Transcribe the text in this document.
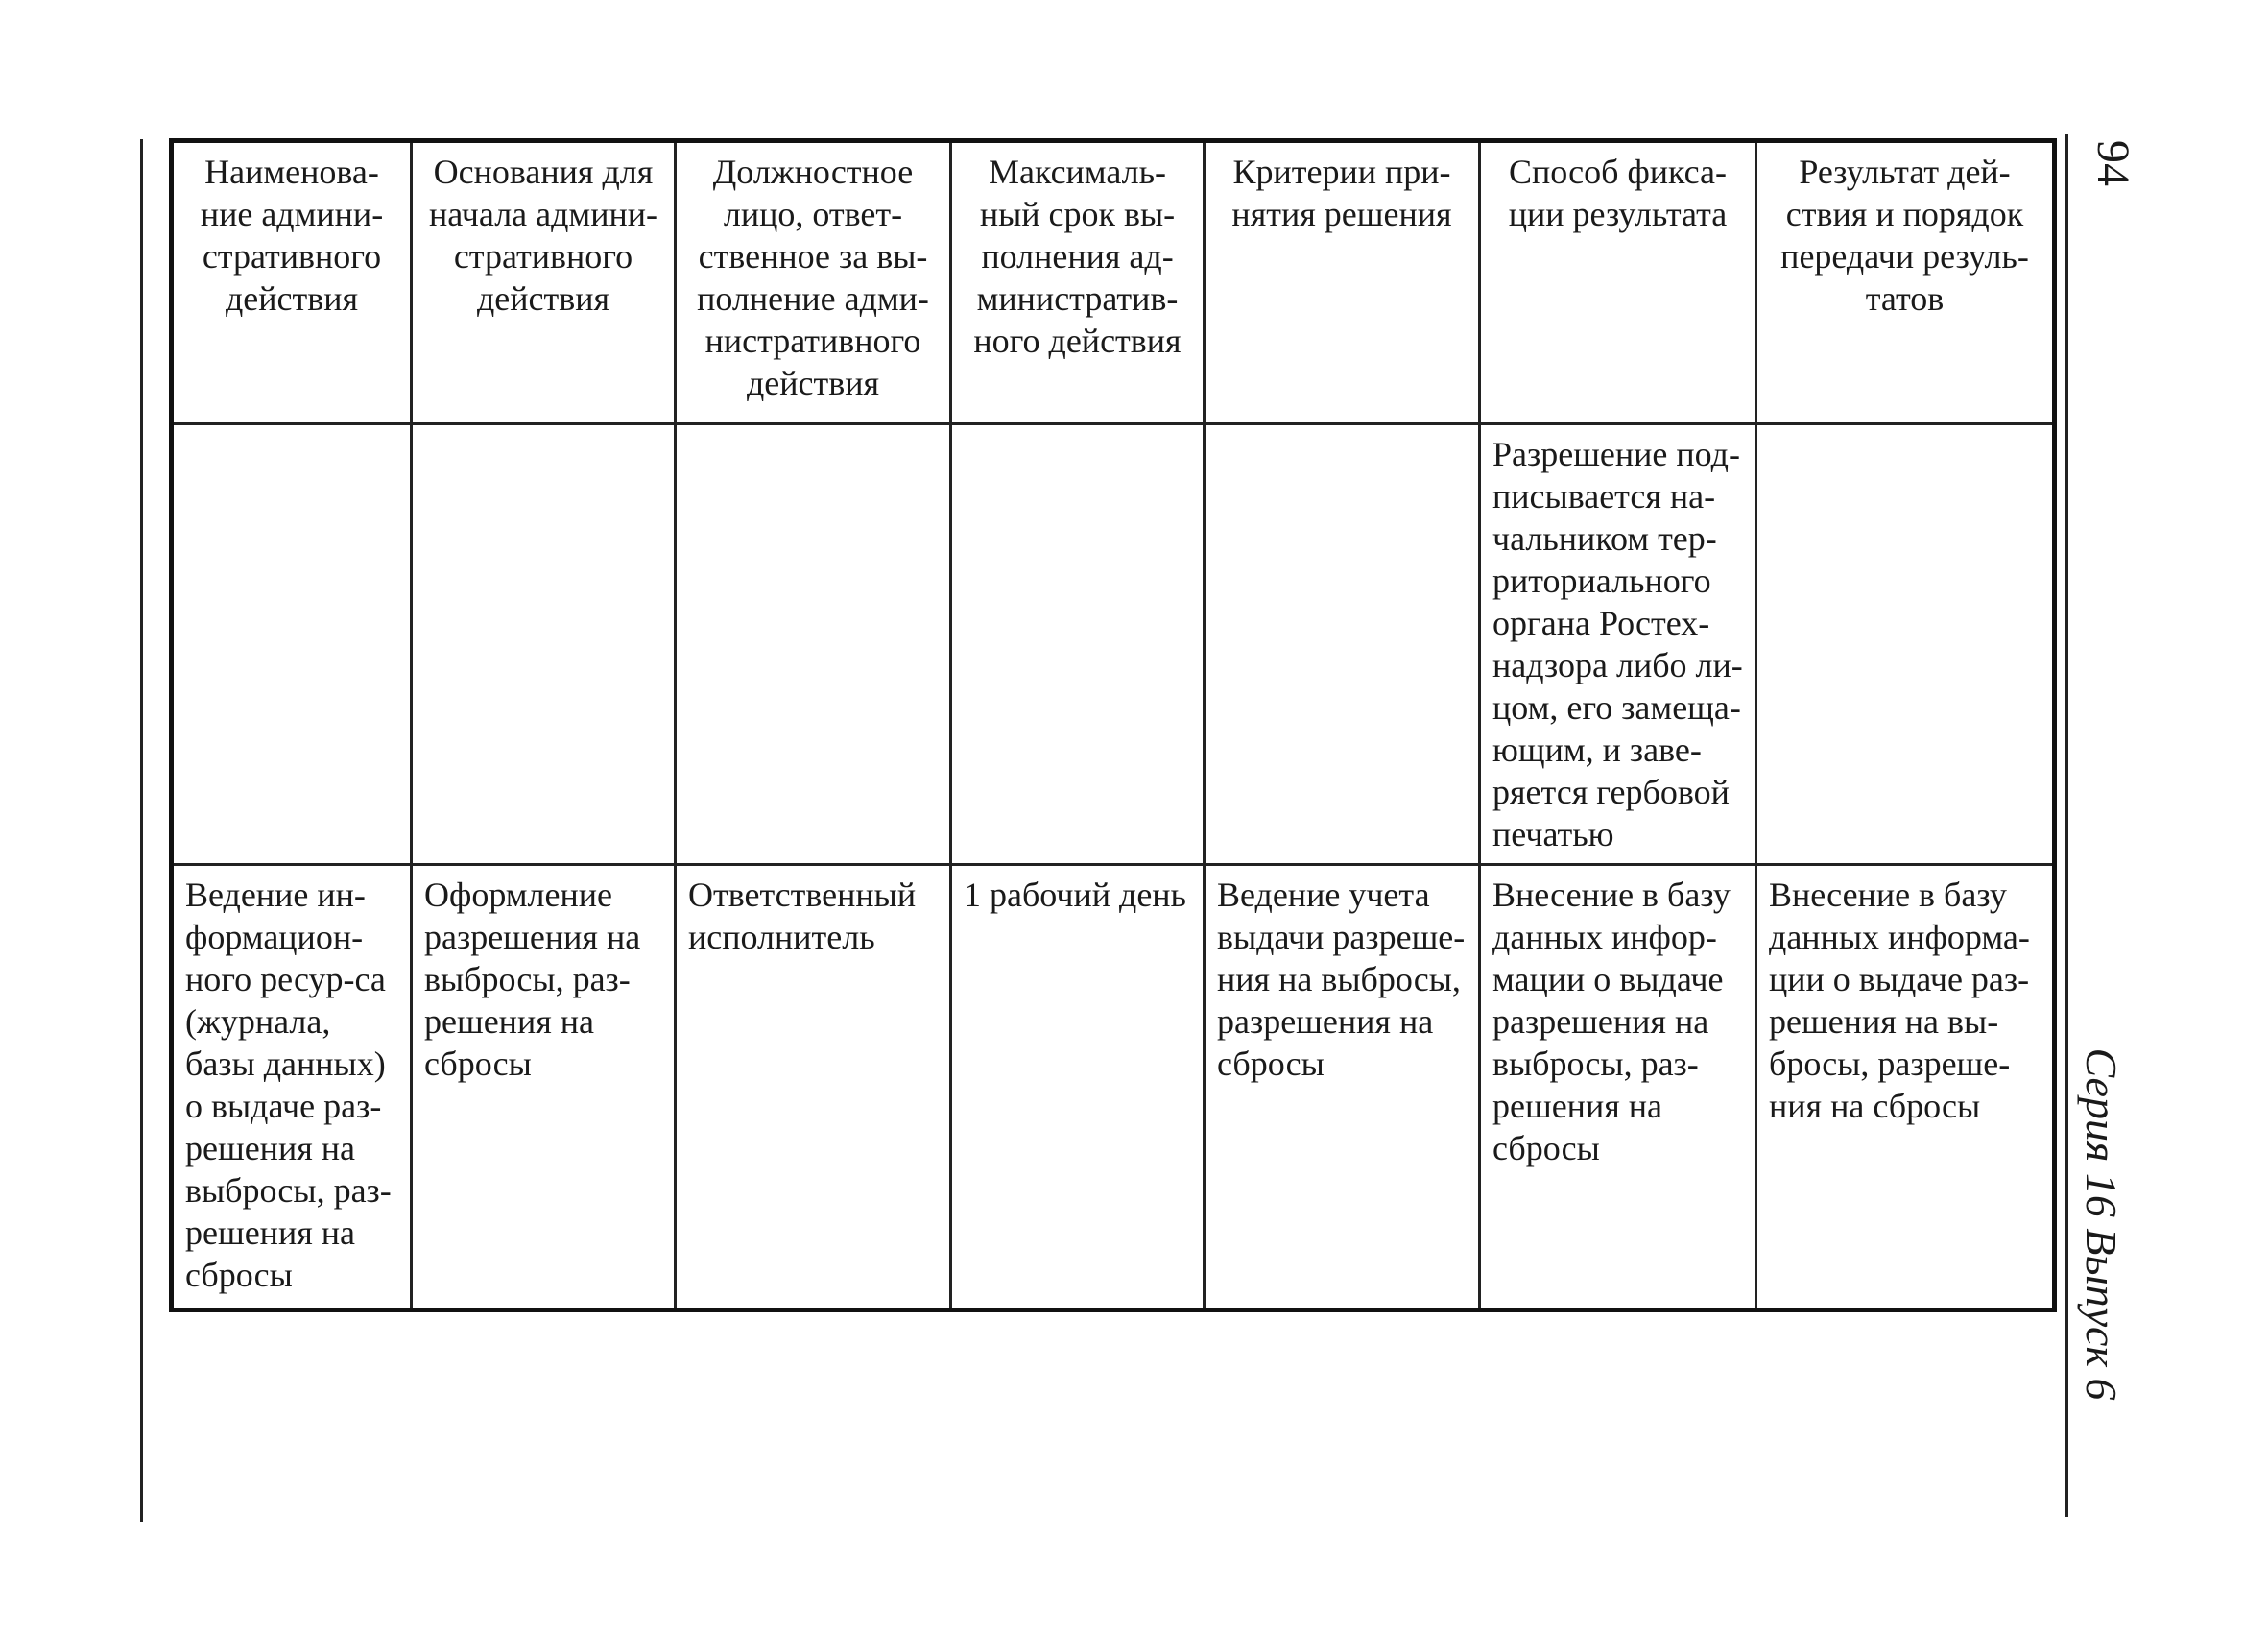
Наименова-ние админи-стративного действия	Основания для начала админи-стративного действия	Должностное лицо, ответ-ственное за вы-полнение адми-нистративного действия	Максималь-ный срок вы-полнения ад-министратив-ного действия	Критерии при-нятия решения	Способ фикса-ции результата	Результат дей-ствия и порядок передачи резуль-татов
					Разрешение под-писывается на-чальником тер-риториального органа Ростех-надзора либо ли-цом, его замеща-ющим, и заве-ряется гербовой печатью	
Ведение ин-формацион-ного ресур-са (журнала, базы данных) о выдаче раз-решения на выбросы, раз-решения на сбросы	Оформление разрешения на выбросы, раз-решения на сбросы	Ответственный исполнитель	1 рабочий день	Ведение учета выдачи разреше-ния на выбросы, разрешения на сбросы	Внесение в базу данных инфор-мации о выдаче разрешения на выбросы, раз-решения на сбросы	Внесение в базу данных информа-ции о выдаче раз-решения на вы-бросы, разреше-ния на сбросы
94
Серия 16 Выпуск 6
